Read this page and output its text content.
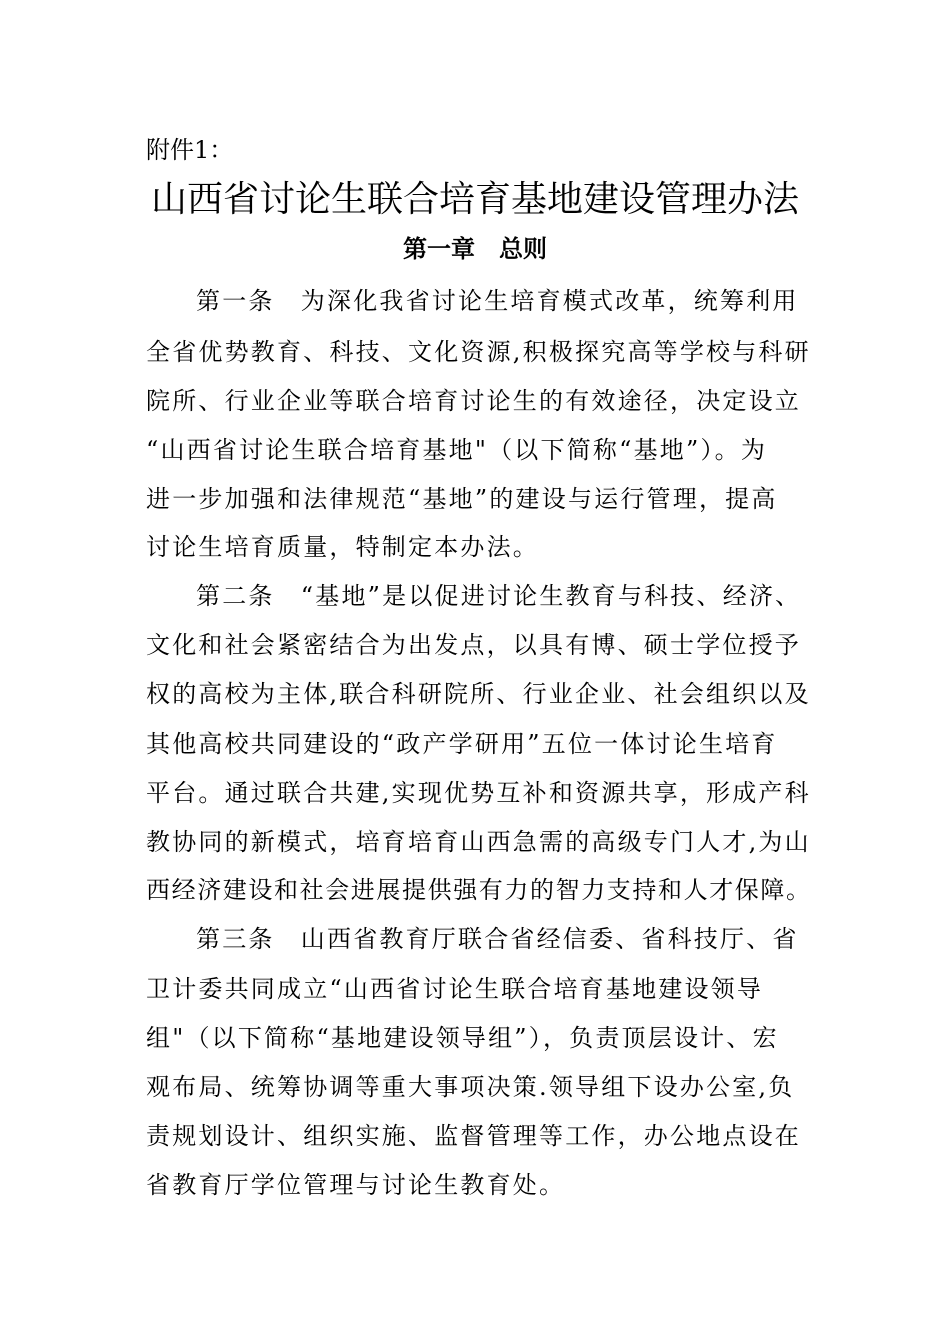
附件1：
山西省讨论生联合培育基地建设管理办法
第一章　总则
第一条　为深化我省讨论生培育模式改革，统筹利用
全省优势教育、科技、文化资源,积极探究高等学校与科研
院所、行业企业等联合培育讨论生的有效途径，决定设立
“山西省讨论生联合培育基地"（以下简称“基地”）。为
进一步加强和法律规范“基地”的建设与运行管理，提高
讨论生培育质量，特制定本办法。
第二条　“基地”是以促进讨论生教育与科技、经济、
文化和社会紧密结合为出发点，以具有博、硕士学位授予
权的高校为主体,联合科研院所、行业企业、社会组织以及
其他高校共同建设的“政产学研用”五位一体讨论生培育
平台。通过联合共建,实现优势互补和资源共享，形成产科
教协同的新模式，培育培育山西急需的高级专门人才,为山
西经济建设和社会进展提供强有力的智力支持和人才保障。
第三条　山西省教育厅联合省经信委、省科技厅、省
卫计委共同成立“山西省讨论生联合培育基地建设领导
组"（以下简称“基地建设领导组”），负责顶层设计、宏
观布局、统筹协调等重大事项决策.领导组下设办公室,负
责规划设计、组织实施、监督管理等工作，办公地点设在
省教育厅学位管理与讨论生教育处。
